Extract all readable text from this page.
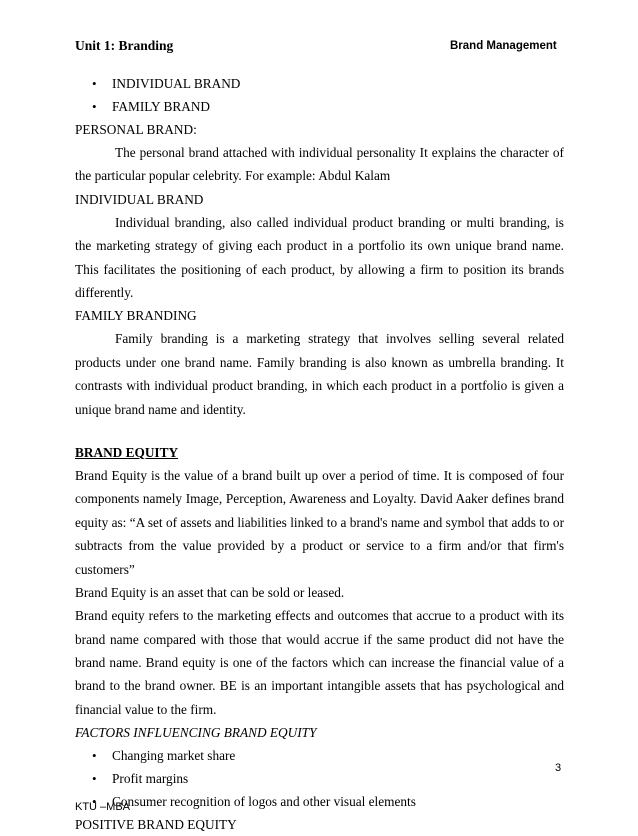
Unit 1: Branding	Brand Management
• INDIVIDUAL BRAND
• FAMILY BRAND
PERSONAL BRAND:
The personal brand attached with individual personality It explains the character of the particular popular celebrity. For example: Abdul Kalam
INDIVIDUAL BRAND
Individual branding, also called individual product branding or multi branding, is the marketing strategy of giving each product in a portfolio its own unique brand name. This facilitates the positioning of each product, by allowing a firm to position its brands differently.
FAMILY BRANDING
Family branding is a marketing strategy that involves selling several related products under one brand name. Family branding is also known as umbrella branding. It contrasts with individual product branding, in which each product in a portfolio is given a unique brand name and identity.
BRAND EQUITY
Brand Equity is the value of a brand built up over a period of time. It is composed of four components namely Image, Perception, Awareness and Loyalty. David Aaker defines brand equity as: “A set of assets and liabilities linked to a brand's name and symbol that adds to or subtracts from the value provided by a product or service to a firm and/or that firm's customers”
Brand Equity is an asset that can be sold or leased.
Brand equity refers to the marketing effects and outcomes that accrue to a product with its brand name compared with those that would accrue if the same product did not have the brand name. Brand equity is one of the factors which can increase the financial value of a brand to the brand owner. BE is an important intangible assets that has psychological and financial value to the firm.
FACTORS INFLUENCING BRAND EQUITY
• Changing market share
• Profit margins
• Consumer recognition of logos and other visual elements
POSITIVE BRAND EQUITY
3
KTU –MBA
